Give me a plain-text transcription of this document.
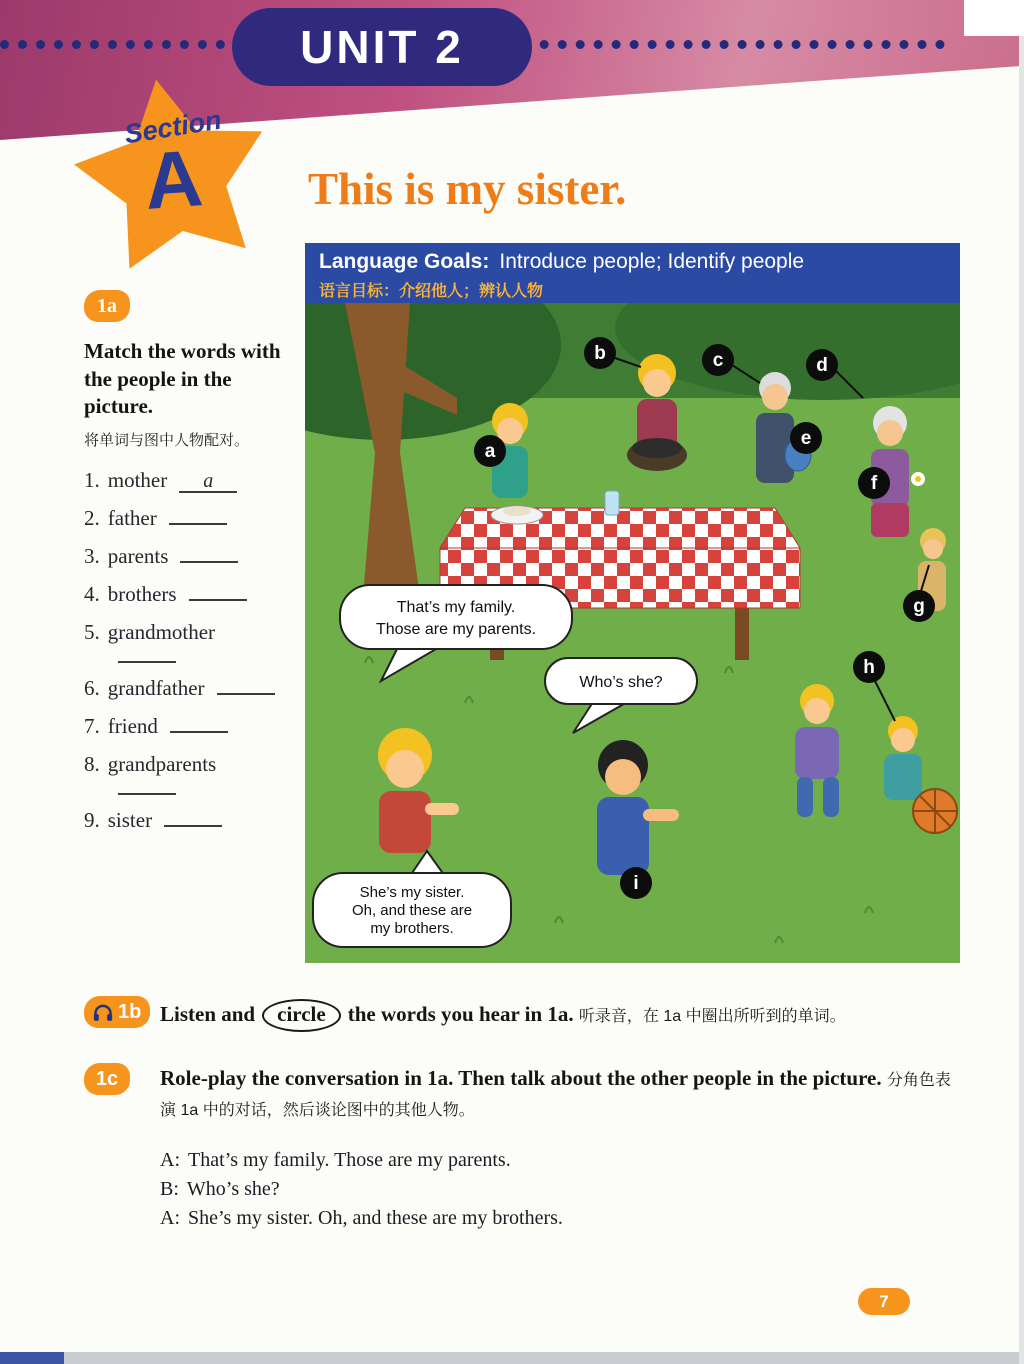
UNIT 2
Section
A	This is my sister.
Language Goals: Introduce people; Identify people
语言目标：介绍他人；辨认人物
That’s my family.
Those are my parents.
Who’s she?
She’s my sister.
Oh, and these are
my brothers.
a
b	c	d
e
f
g
h
i
1a
Match the words with the people in the picture.
将单词与图中人物配对。
1. mother a
2. father
3. parents
4. brothers
5. grandmother
6. grandfather
7. friend
8. grandparents
9. sister
1b Listen and circle the words you hear in 1a. 听录音，在 1a 中圈出所听到的单词。
1c	Role-play the conversation in 1a. Then talk about the other people in the picture. 分角色表演 1a 中的对话，然后谈论图中的其他人物。
A: That’s my family. Those are my parents.
B: Who’s she?
A: She’s my sister. Oh, and these are my brothers.
7
